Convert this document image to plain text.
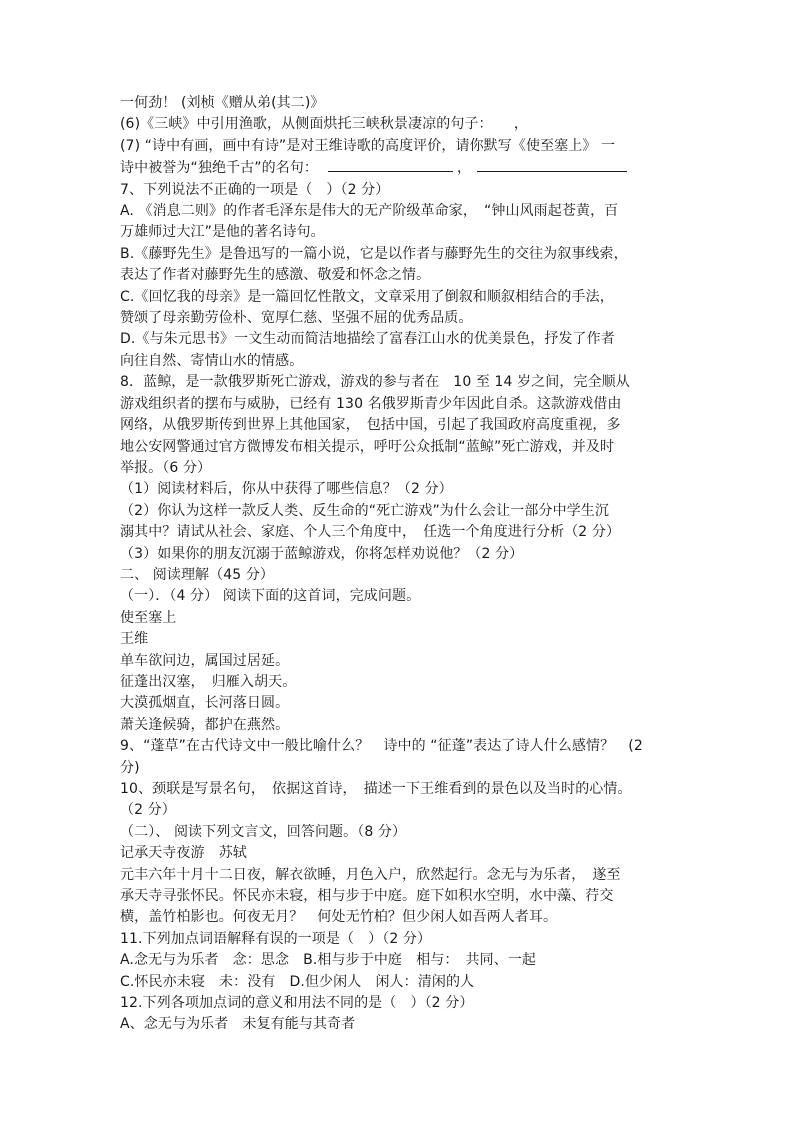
一何劲！ (刘桢《赠从弟(其二)》
(6)《三峡》中引用渔歌，从侧面烘托三峡秋景凄凉的句子：　　，
(7) “诗中有画，画中有诗”是对王维诗歌的高度评价，请你默写《使至塞上》 一
诗中被誉为“独绝千古”的名句：	，
7、下列说法不正确的一项是（　）（2 分）
A. 《消息二则》的作者毛泽东是伟大的无产阶级革命家，　“钟山风雨起苍黄，百
万雄师过大江”是他的著名诗句。
B.《藤野先生》是鲁迅写的一篇小说，它是以作者与藤野先生的交往为叙事线索，
表达了作者对藤野先生的感激、敬爱和怀念之情。
C.《回忆我的母亲》是一篇回忆性散文，文章采用了倒叙和顺叙相结合的手法，
赞颂了母亲勤劳俭朴、宽厚仁慈、坚强不屈的优秀品质。
D.《与朱元思书》一文生动而简洁地描绘了富春江山水的优美景色，抒发了作者
向往自然、寄情山水的情感。
8．蓝鲸，是一款俄罗斯死亡游戏，游戏的参与者在　10 至 14 岁之间，完全顺从
游戏组织者的摆布与威胁，已经有 130 名俄罗斯青少年因此自杀。这款游戏借由
网络，从俄罗斯传到世界上其他国家，　包括中国，引起了我国政府高度重视，多
地公安网警通过官方微博发布相关提示，呼吁公众抵制“蓝鲸”死亡游戏，并及时
举报。（6 分）
（1）阅读材料后，你从中获得了哪些信息？（2 分）
（2）你认为这样一款反人类、反生命的“死亡游戏”为什么会让一部分中学生沉
溺其中？请试从社会、家庭、个人三个角度中，　任选一个角度进行分析（2 分）
（3）如果你的朋友沉溺于蓝鲸游戏，你将怎样劝说他？（2 分）
二、 阅读理解（45 分）
（一）．（4 分） 阅读下面的这首词，完成问题。
使至塞上
王维
单车欲问边，属国过居延。
征蓬出汉塞，　归雁入胡天。
大漠孤烟直，长河落日圆。
萧关逢候骑，都护在燕然。
9、“蓬草”在古代诗文中一般比喻什么？　诗中的 “征蓬”表达了诗人什么感情？　(2
分)
10、颈联是写景名句，　依据这首诗，　描述一下王维看到的景色以及当时的心情。
（2 分）
（二）、 阅读下列文言文，回答问题。（8 分）
记承天寺夜游　苏轼
元丰六年十月十二日夜，解衣欲睡，月色入户，欣然起行。念无与为乐者，　遂至
承天寺寻张怀民。怀民亦未寝，相与步于中庭。庭下如积水空明，水中藻、荇交
横，盖竹柏影也。何夜无月？　何处无竹柏？但少闲人如吾两人者耳。
11.下列加点词语解释有误的一项是（　）（2 分）
A.念无与为乐者　念：思念　B.相与步于中庭　相与：　共同、一起
C.怀民亦未寝　未：没有　D.但少闲人　闲人：清闲的人
12.下列各项加点词的意义和用法不同的是（　）（2 分）
A、念无与为乐者　未复有能与其奇者
